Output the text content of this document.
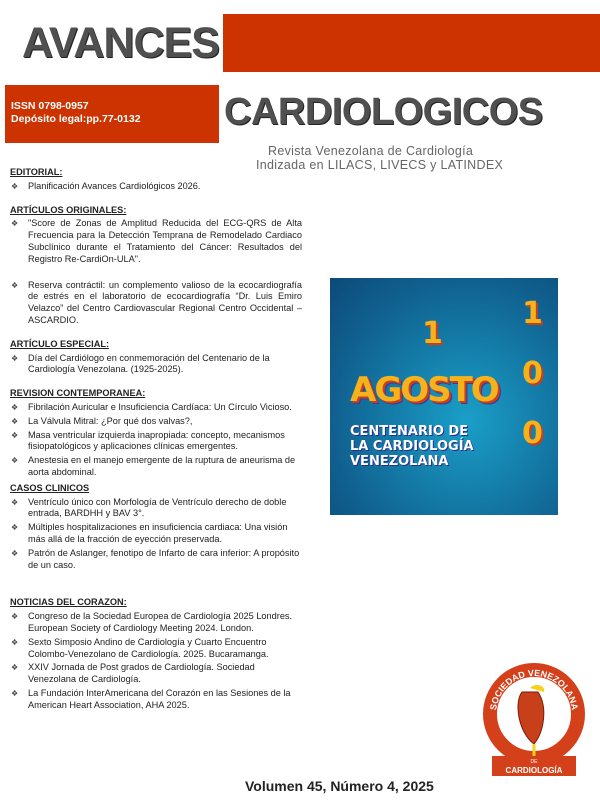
AVANCES
ISSN 0798-0957
Depósito legal:pp.77-0132	CARDIOLOGICOS
Revista Venezolana de Cardiología
Indizada en LILACS, LIVECS y LATINDEX
EDITORIAL:
❖ Planificación Avances Cardiológicos 2026.
ARTÍCULOS ORIGINALES:
❖ "Score de Zonas de Amplitud Reducida del ECG-QRS de Alta Frecuencia para la Detección Temprana de Remodelado Cardiaco Subclínico durante el Tratamiento del Cáncer: Resultados del Registro Re-CardiOn-ULA".
❖ Reserva contráctil: un complemento valioso de la ecocardiografía de estrés en el laboratorio de ecocardiografía “Dr. Luis Emiro Velazco” del Centro Cardiovascular Regional Centro Occidental – ASCARDIO.
ARTÍCULO ESPECIAL:
❖ Día del Cardiólogo en conmemoración del Centenario de la Cardiología Venezolana. (1925-2025).
REVISION CONTEMPORANEA:
❖ Fibrilación Auricular e Insuficiencia Cardíaca: Un Círculo Vicioso.
❖ La Válvula Mitral: ¿Por qué dos valvas?,
❖ Masa ventricular izquierda inapropiada: concepto, mecanismos fisiopatológicos y aplicaciones clínicas emergentes.
❖ Anestesia en el manejo emergente de la ruptura de aneurisma de aorta abdominal.
CASOS CLINICOS
❖ Ventrículo único con Morfología de Ventrículo derecho de doble entrada, BARDHH y BAV 3°.
❖ Múltiples hospitalizaciones en insuficiencia cardiaca: Una visión más allá de la fracción de eyección preservada.
❖ Patrón de Aslanger, fenotipo de Infarto de cara inferior: A propósito de un caso.
NOTICIAS DEL CORAZON:
❖ Congreso de la Sociedad Europea de Cardiología 2025 Londres. European Society of Cardiology Meeting 2024. London.
❖ Sexto Simposio Andino de Cardiología y Cuarto Encuentro Colombo-Venezolano de Cardiología. 2025. Bucaramanga.
❖ XXIV Jornada de Post grados de Cardiología. Sociedad Venezolana de Cardiología.
❖ La Fundación InterAmericana del Corazón en las Sesiones de la American Heart Association, AHA 2025.
1
1
0
0
AGOSTO
CENTENARIO DE
LA CARDIOLOGÍA
VENEZOLANA
SOCIEDAD VENEZOLANA
DE
CARDIOLOGÍA
Volumen 45, Número 4, 2025
